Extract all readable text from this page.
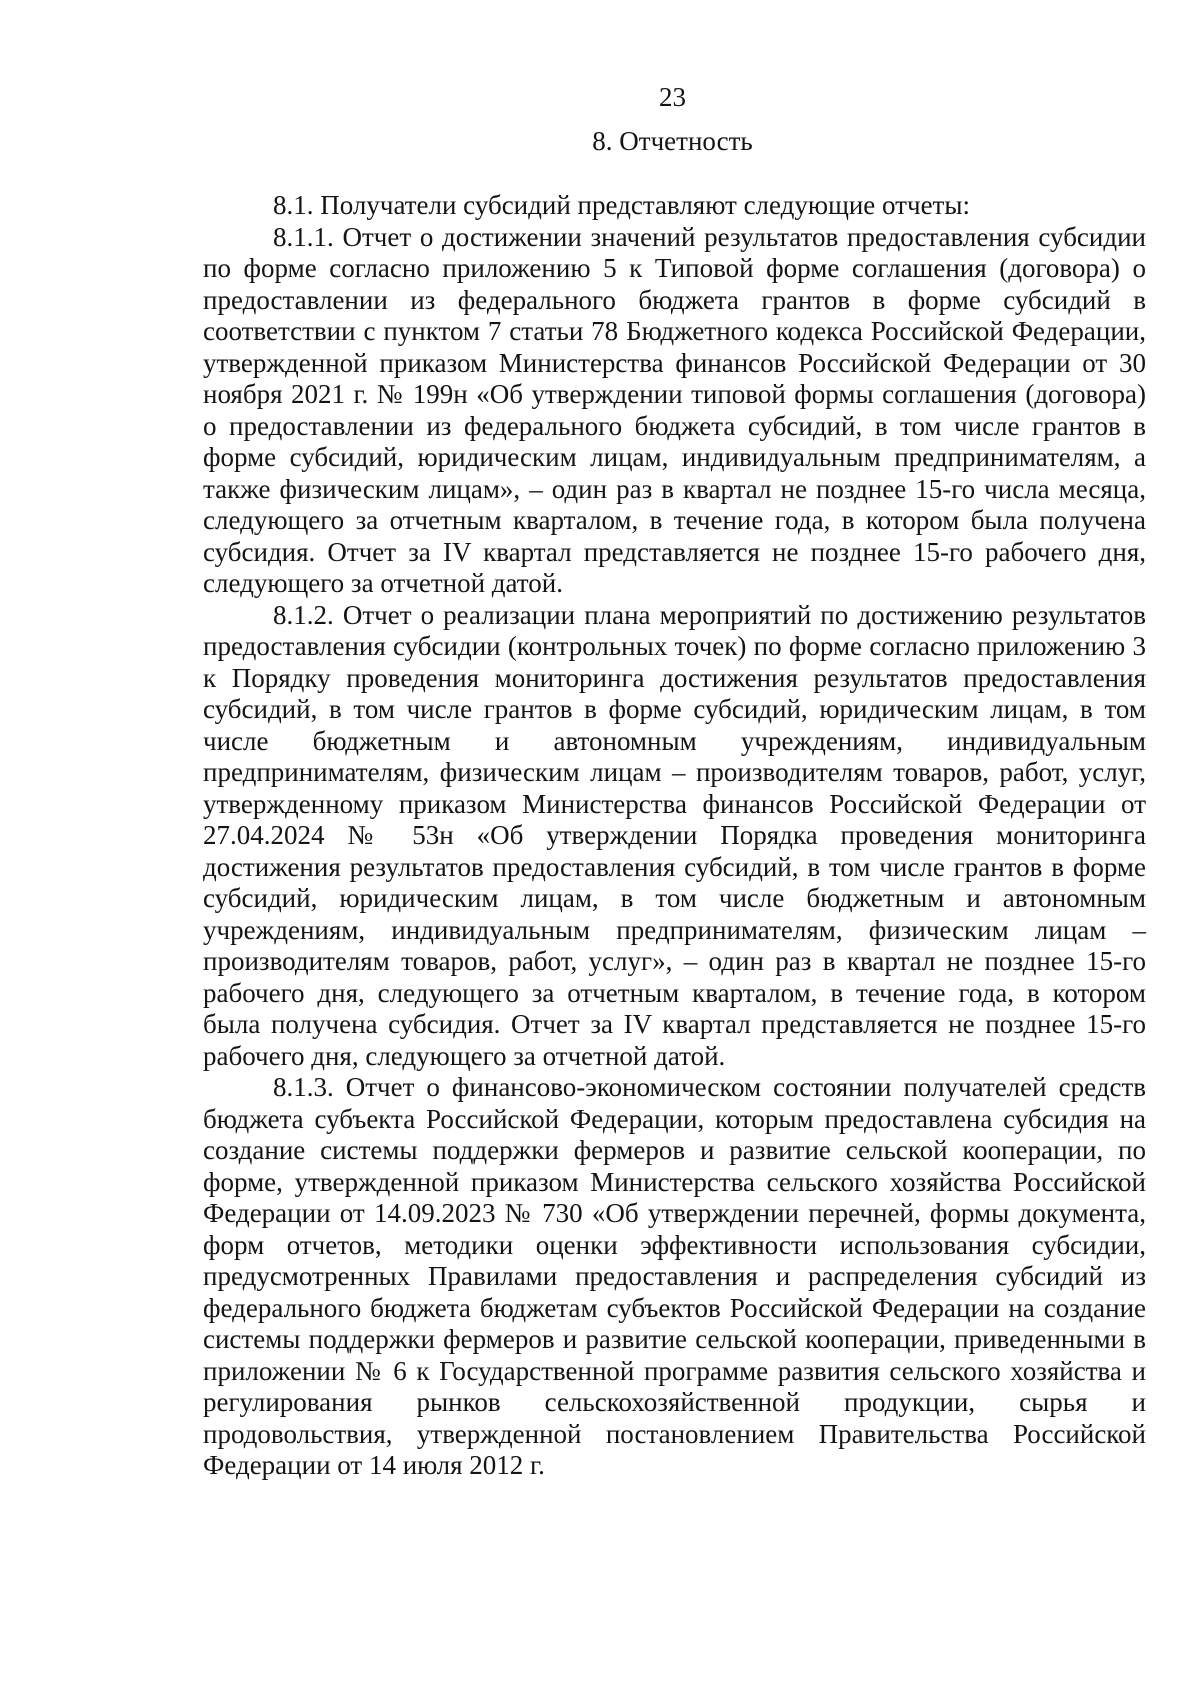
23
8. Отчетность

8.1. Получатели субсидий представляют следующие отчеты:

8.1.1. Отчет о достижении значений результатов предоставления субсидии по форме согласно приложению 5 к Типовой форме соглашения (договора) о предоставлении из федерального бюджета грантов в форме субсидий в соответствии с пунктом 7 статьи 78 Бюджетного кодекса Российской Федерации, утвержденной приказом Министерства финансов Российской Федерации от 30 ноября 2021 г. № 199н «Об утверждении типовой формы соглашения (договора) о предоставлении из федерального бюджета субсидий, в том числе грантов в форме субсидий, юридическим лицам, индивидуальным предпринимателям, а также физическим лицам», – один раз в квартал не позднее 15-го числа месяца, следующего за отчетным кварталом, в течение года, в котором была получена субсидия. Отчет за IV квартал представляется не позднее 15-го рабочего дня, следующего за отчетной датой.

8.1.2. Отчет о реализации плана мероприятий по достижению результатов предоставления субсидии (контрольных точек) по форме согласно приложению 3 к Порядку проведения мониторинга достижения результатов предоставления субсидий, в том числе грантов в форме субсидий, юридическим лицам, в том числе бюджетным и автономным учреждениям, индивидуальным предпринимателям, физическим лицам – производителям товаров, работ, услуг, утвержденному приказом Министерства финансов Российской Федерации от 27.04.2024 № 53н «Об утверждении Порядка проведения мониторинга достижения результатов предоставления субсидий, в том числе грантов в форме субсидий, юридическим лицам, в том числе бюджетным и автономным учреждениям, индивидуальным предпринимателям, физическим лицам – производителям товаров, работ, услуг», – один раз в квартал не позднее 15-го рабочего дня, следующего за отчетным кварталом, в течение года, в котором была получена субсидия. Отчет за IV квартал представляется не позднее 15-го рабочего дня, следующего за отчетной датой.

8.1.3. Отчет о финансово-экономическом состоянии получателей средств бюджета субъекта Российской Федерации, которым предоставлена субсидия на создание системы поддержки фермеров и развитие сельской кооперации, по форме, утвержденной приказом Министерства сельского хозяйства Российской Федерации от 14.09.2023 № 730 «Об утверждении перечней, формы документа, форм отчетов, методики оценки эффективности использования субсидии, предусмотренных Правилами предоставления и распределения субсидий из федерального бюджета бюджетам субъектов Российской Федерации на создание системы поддержки фермеров и развитие сельской кооперации, приведенными в приложении № 6 к Государственной программе развития сельского хозяйства и регулирования рынков сельскохозяйственной продукции, сырья и продовольствия, утвержденной постановлением Правительства Российской Федерации от 14 июля 2012 г.
